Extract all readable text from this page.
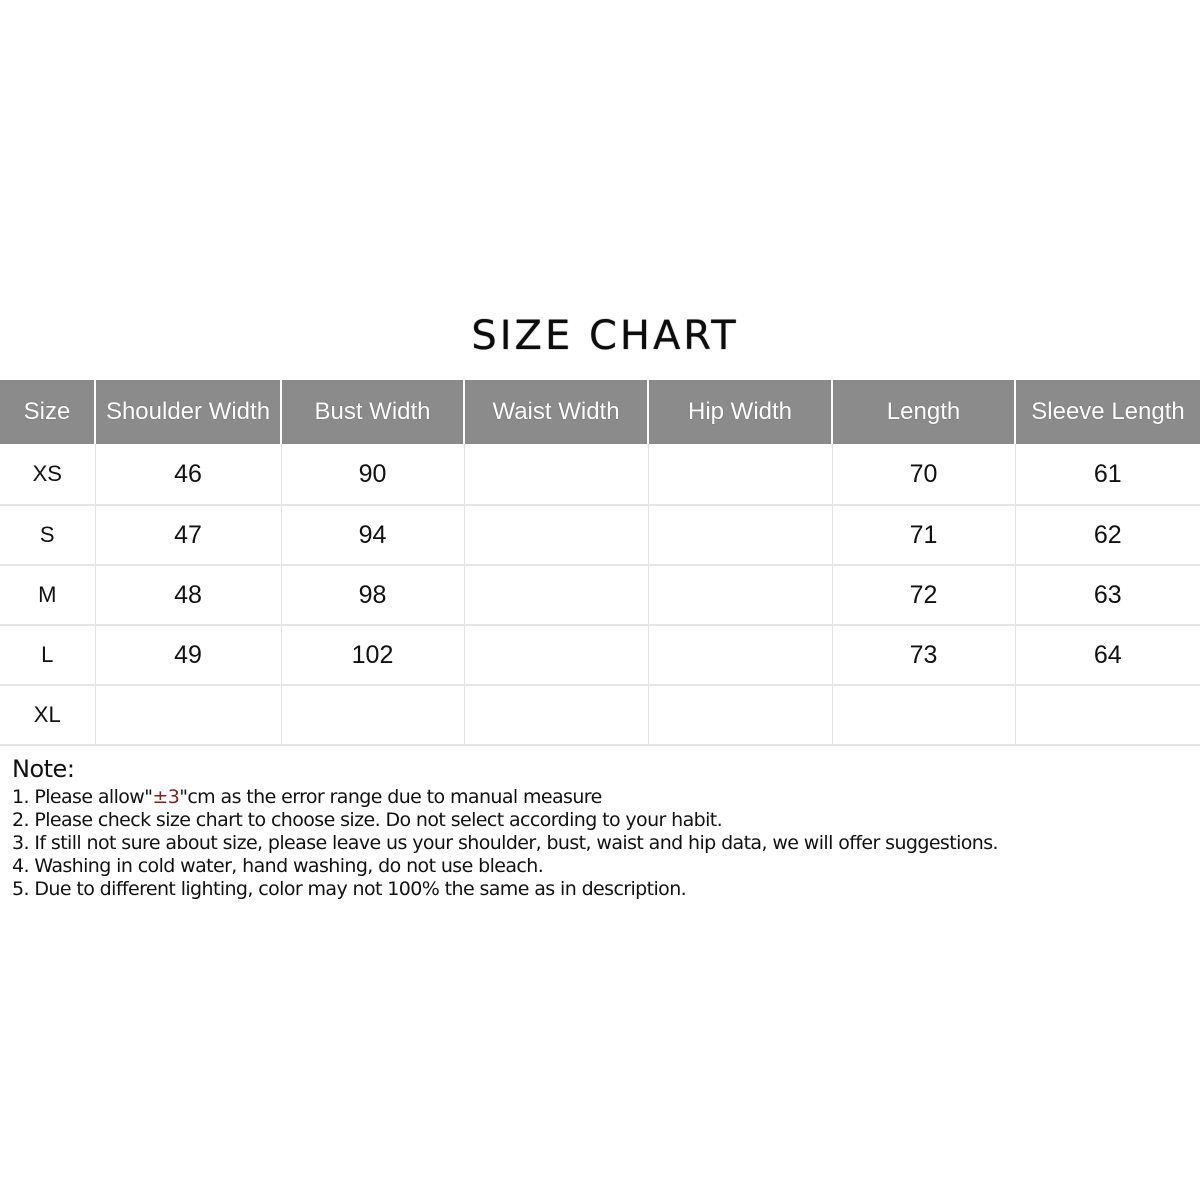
SIZE CHART
Size	Shoulder Width	Bust Width	Waist Width	Hip Width	Length	Sleeve Length
XS	46	90			70	61
S	47	94			71	62
M	48	98			72	63
L	49	102			73	64
XL						
Note:
1. Please allow"±3"cm as the error range due to manual measure
2. Please check size chart to choose size. Do not select according to your habit.
3. If still not sure about size, please leave us your shoulder, bust, waist and hip data, we will offer suggestions.
4. Washing in cold water, hand washing, do not use bleach.
5. Due to different lighting, color may not 100% the same as in description.
